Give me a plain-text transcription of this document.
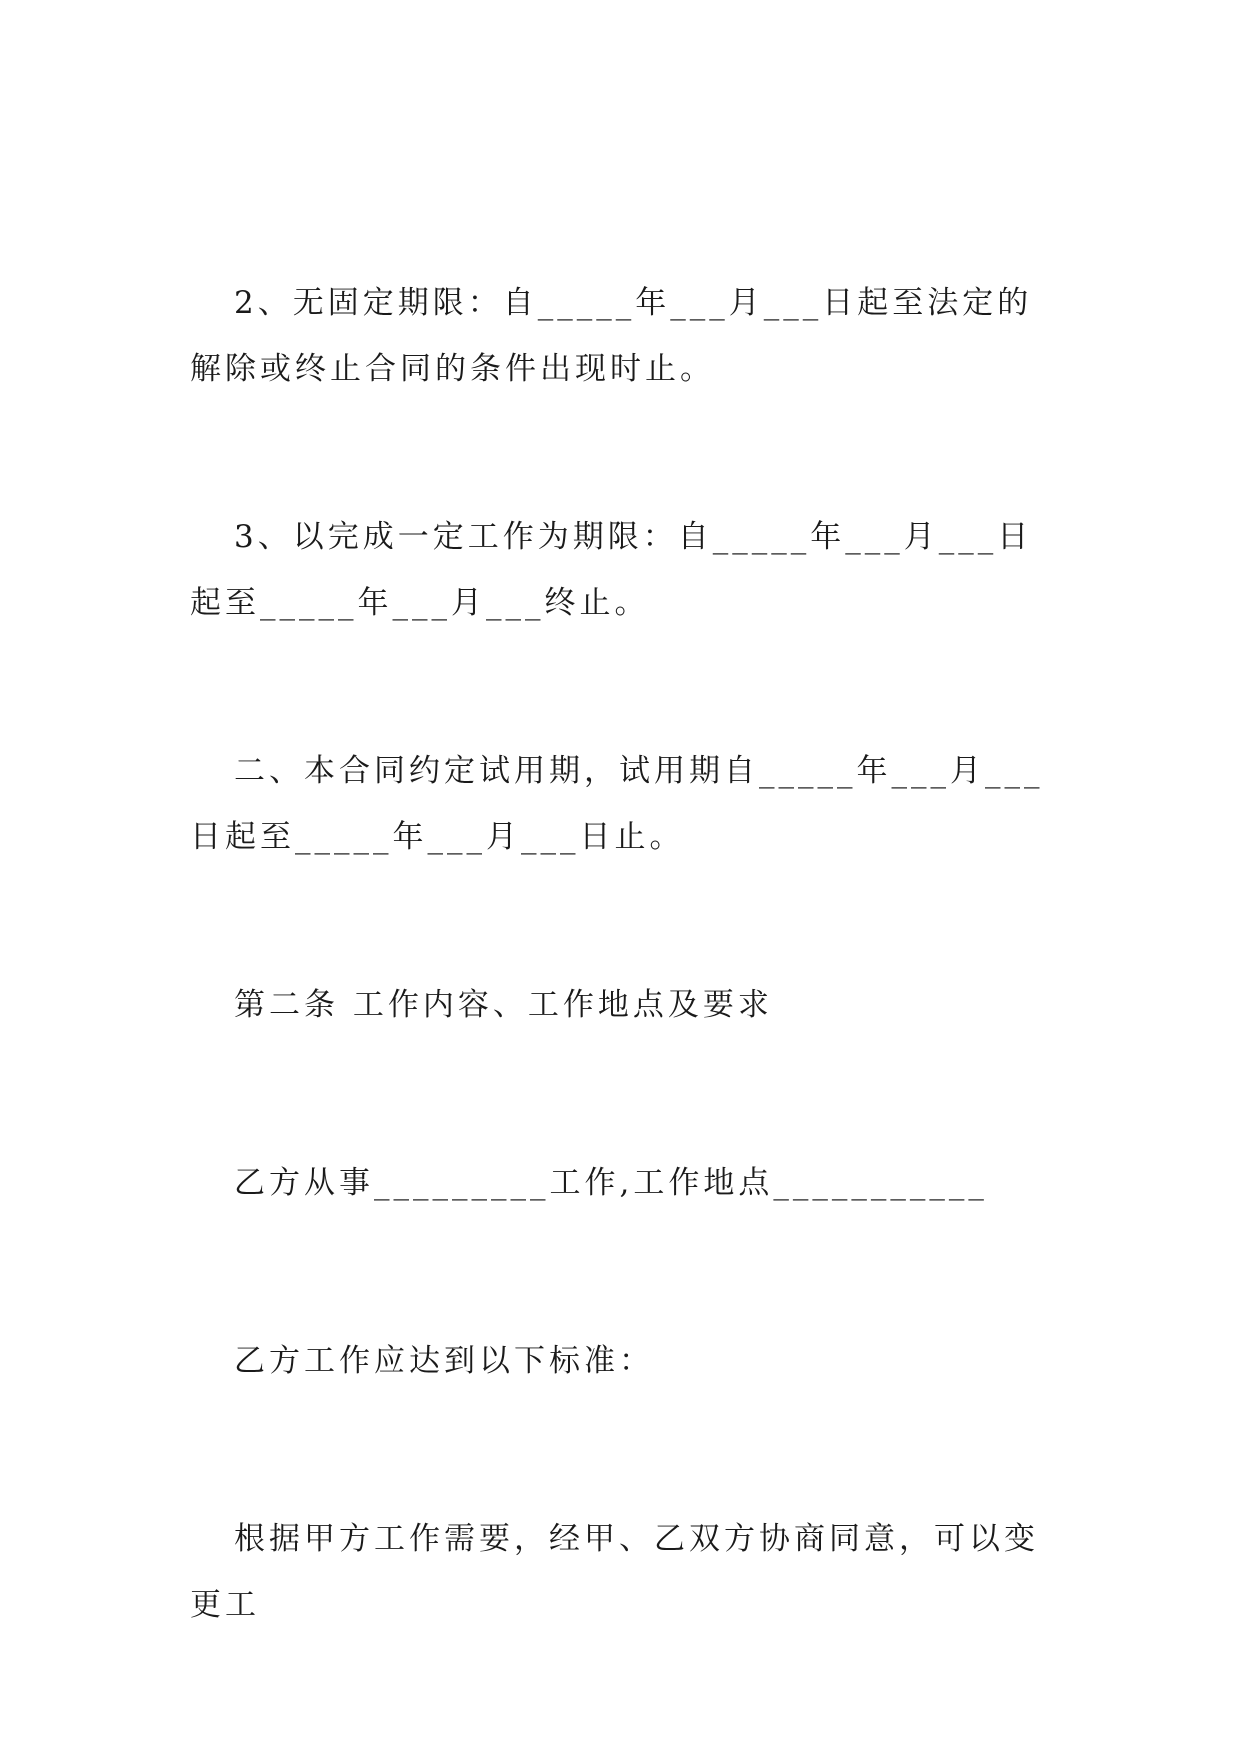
2、无固定期限：自_____年___月___日起至法定的解除或终止合同的条件出现时止。

3、以完成一定工作为期限：自_____年___月___日起至_____年___月___终止。

二、本合同约定试用期，试用期自_____年___月___日起至_____年___月___日止。

第二条 工作内容、工作地点及要求

乙方从事_________工作,工作地点___________

乙方工作应达到以下标准：

根据甲方工作需要，经甲、乙双方协商同意，可以变更工
